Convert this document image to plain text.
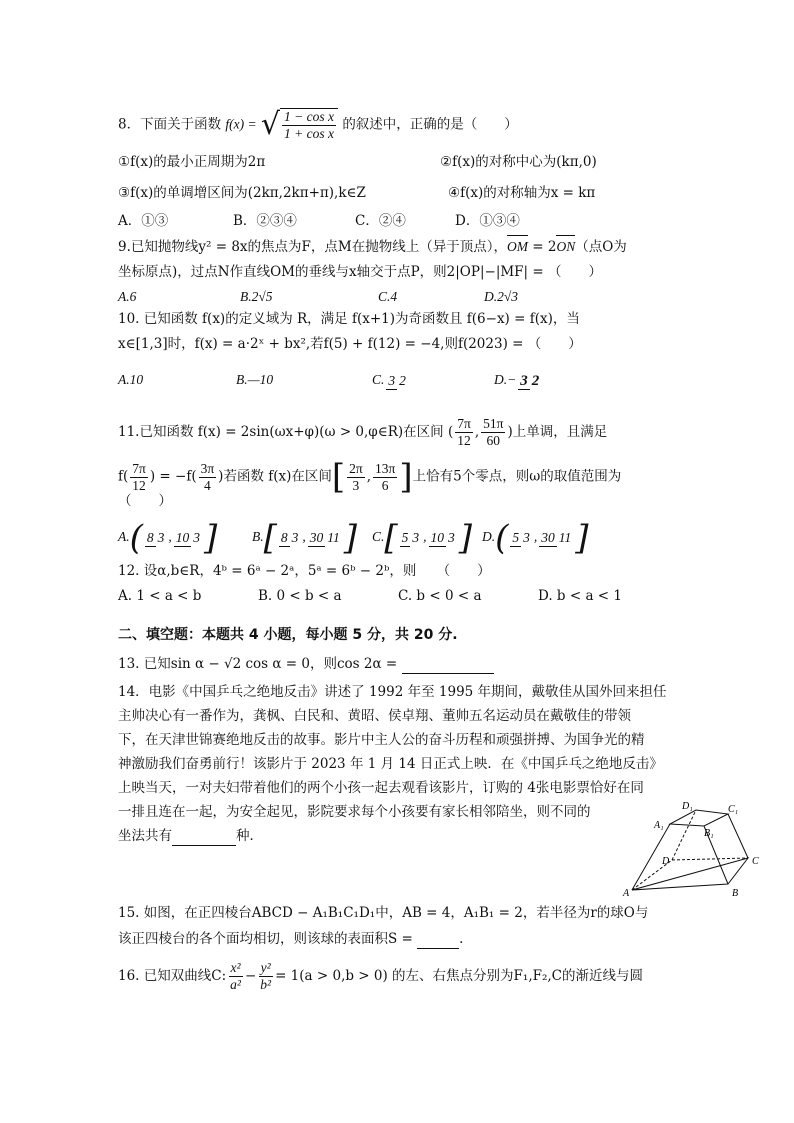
8．下面关于函数 f(x) = √ $\frac{\text{1 − cos x}}{\text{1 + cos x}}$ 的叙述中，正确的是（　　）
①f(x)的最小正周期为2π	②f(x)的对称中心为(kπ,0)
③f(x)的单调增区间为(2kπ,2kπ+π),k∈Z	④f(x)的对称轴为x = kπ
A．①③	B．②③④	C．②④	D．①③④
9.已知抛物线y² = 8x的焦点为F，点M在抛物线上（异于顶点），OM = 2ON（点O为
坐标原点)，过点N作直线OM的垂线与x轴交于点P，则2|OP|−|MF| = （　　）
A.6	B.2√5	C.4	D.2√3
10. 已知函数 f(x)的定义域为 R，满足 f(x+1)为奇函数且 f(6−x) = f(x)，当
x∈[1,3]时，f(x) = a·2ˣ + bx²,若f(5) + f(12) = −4,则f(2023) = （　　）
A.10	B.—10	C. 3 2	D.− 3 2
11.已知函数 f(x) = 2sin(ωx+φ)(ω > 0,φ∈R)在区间 ( $\frac{7\pi}{12}$ , $\frac{51\pi}{60}$ )上单调，且满足
$f( \frac{7\pi}{12}$ ) = $-f( \frac{3\pi}{4}$ )若函数 f(x)在区间[ $\frac{2\pi}{3}$ , $\frac{13\pi}{6}$ ]上恰有5个零点，则ω的取值范围为
（　　）
A.( 8 3 , 10 3 ]	B.[ 8 3 , 30 11 ] C.[ 5 3 , 10 3 ] D.( 5 3 , 30 11 ]
12. 设α,b∈R，4ᵇ = 6ᵃ − 2ᵃ，5ᵃ = 6ᵇ − 2ᵇ，则　　（　　）
A. 1 < a < b	B. 0 < b < a	C. b < 0 < a	D. b < a < 1
二、填空题：本题共 4 小题，每小题 5 分，共 20 分.
13. 已知sin α − √2 cos α = 0，则cos 2α =
14．电影《中国乒乓之绝地反击》讲述了 1992 年至 1995 年期间，戴敬佳从国外回来担任
主帅决心有一番作为，龚枫、白民和、黄昭、侯卓翔、董帅五名运动员在戴敬佳的带领
下，在天津世锦赛绝地反击的故事。影片中主人公的奋斗历程和顽强拼搏、为国争光的精
神激励我们奋勇前行！该影片于 2023 年 1 月 14 日正式上映．在《中国乒乓之绝地反击》
上映当天，一对夫妇带着他们的两个小孩一起去观看该影片，订购的 4张电影票恰好在同
一排且连在一起，为安全起见，影院要求每个小孩要有家长相邻陪坐，则不同的
坐法共有	种．
A	B
C
D
A₁
B₁
C₁
D₁
15. 如图，在正四棱台ABCD − A₁B₁C₁D₁中，AB = 4，A₁B₁ = 2，若半径为r的球O与
该正四棱台的各个面均相切，则该球的表面积S =	.
16. 已知双曲线C: $\frac{\text{x²}}{\text{a²}} - \frac{\text{y²}}{\text{b²}} = 1(a > 0,b > 0)$ 的左、右焦点分别为F₁,F₂,C的渐近线与圆
